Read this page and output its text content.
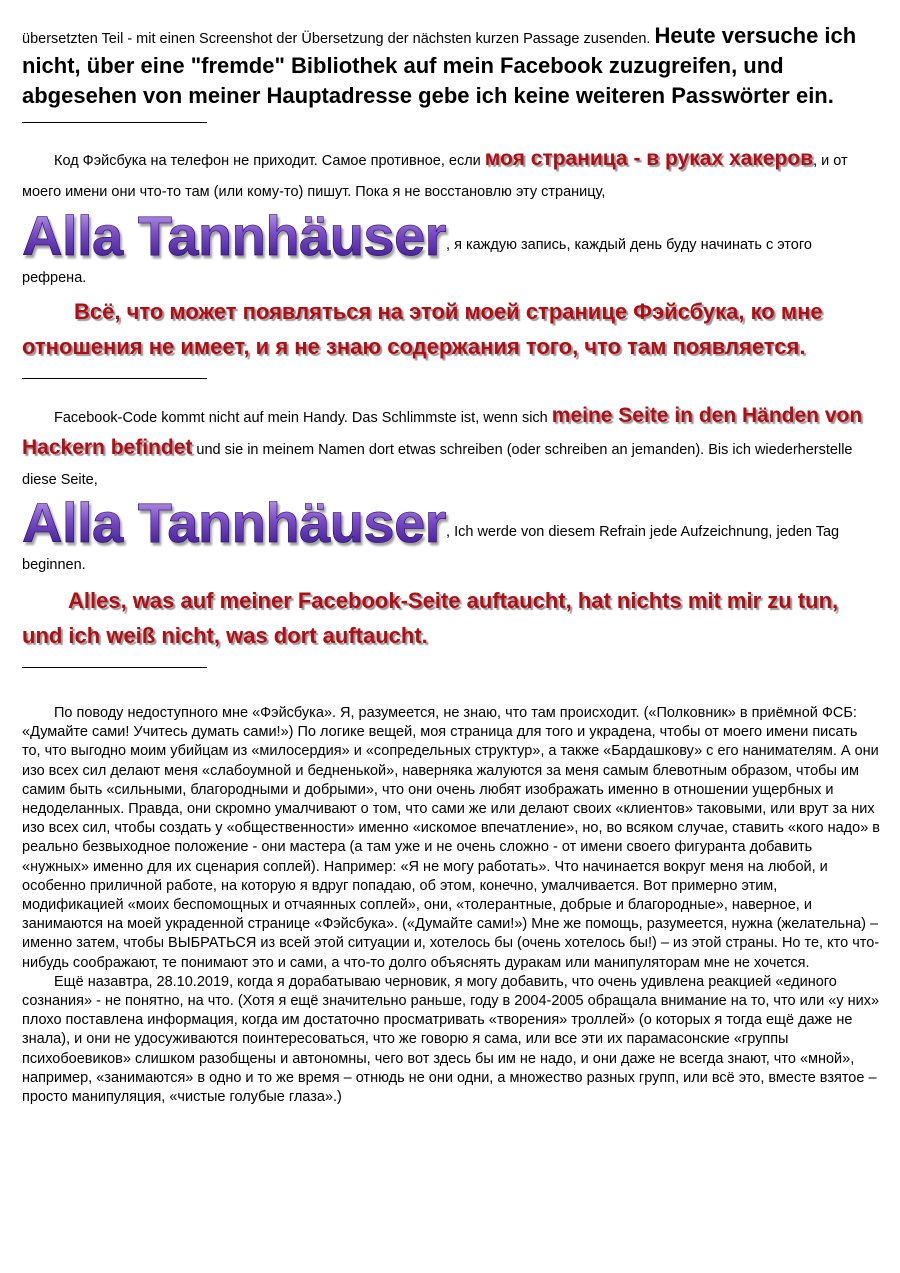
übersetzten Teil - mit einen Screenshot der Übersetzung der nächsten kurzen Passage zusenden. Heute versuche ich nicht, über eine "fremde" Bibliothek auf mein Facebook zuzugreifen, und abgesehen von meiner Hauptadresse gebe ich keine weiteren Passwörter ein.
Код Фэйсбука на телефон не приходит. Самое противное, если моя страница - в руках хакеров, и от моего имени они что-то там (или кому-то) пишут. Пока я не восстановлю эту страницу,
Alla Tannhäuser, я каждую запись, каждый день буду начинать с этого рефрена.
Всё, что может появляться на этой моей странице Фэйсбука, ко мне отношения не имеет, и я не знаю содержания того, что там появляется.
Facebook-Code kommt nicht auf mein Handy. Das Schlimmste ist, wenn sich meine Seite in den Händen von Hackern befindet und sie in meinem Namen dort etwas schreiben (oder schreiben an jemanden). Bis ich wiederherstelle diese Seite,
Alla Tannhäuser, Ich werde von diesem Refrain jede Aufzeichnung, jeden Tag beginnen.
Alles, was auf meiner Facebook-Seite auftaucht, hat nichts mit mir zu tun, und ich weiß nicht, was dort auftaucht.

По поводу недоступного мне «Фэйсбука». Я, разумеется, не знаю, что там происходит. («Полковник» в приёмной ФСБ: «Думайте сами! Учитесь думать сами!») По логике вещей, моя страница для того и украдена, чтобы от моего имени писать то, что выгодно моим убийцам из «милосердия» и «сопредельных структур», а также «Бардашкову» с его нанимателям. А они изо всех сил делают меня «слабоумной и бедненькой», наверняка жалуются за меня самым блевотным образом, чтобы им самим быть «сильными, благородными и добрыми», что они очень любят изображать именно в отношении ущербных и недоделанных. Правда, они скромно умалчивают о том, что сами же или делают своих «клиентов» таковыми, или врут за них изо всех сил, чтобы создать у «общественности» именно «искомое впечатление», но, во всяком случае, ставить «кого надо» в реально безвыходное положение - они мастера (а там уже и не очень сложно - от имени своего фигуранта добавить «нужных» именно для их сценария соплей). Например: «Я не могу работать». Что начинается вокруг меня на любой, и особенно приличной работе, на которую я вдруг попадаю, об этом, конечно, умалчивается. Вот примерно этим, модификацией «моих беспомощных и отчаянных соплей», они, «толерантные, добрые и благородные», наверное, и занимаются на моей украденной странице «Фэйсбука». («Думайте сами!») Мне же помощь, разумеется, нужна (желательна) – именно затем, чтобы ВЫБРАТЬСЯ из всей этой ситуации и, хотелось бы (очень хотелось бы!) – из этой страны. Но те, кто что-нибудь соображают, те понимают это и сами, а что-то долго объяснять дуракам или манипуляторам мне не хочется.

Ещё назавтра, 28.10.2019, когда я дорабатываю черновик, я могу добавить, что очень удивлена реакцией «единого сознания» - не понятно, на что. (Хотя я ещё значительно раньше, году в 2004-2005 обращала внимание на то, что или «у них» плохо поставлена информация, когда им достаточно просматривать «творения» троллей» (о которых я тогда ещё даже не знала), и они не удосуживаются поинтересоваться, что же говорю я сама, или все эти их парамасонские «группы психобоевиков» слишком разобщены и автономны, чего вот здесь бы им не надо, и они даже не всегда знают, что «мной», например, «занимаются» в одно и то же время – отнюдь не они одни, а множество разных групп, или всё это, вместе взятое – просто манипуляция, «чистые голубые глаза».)
